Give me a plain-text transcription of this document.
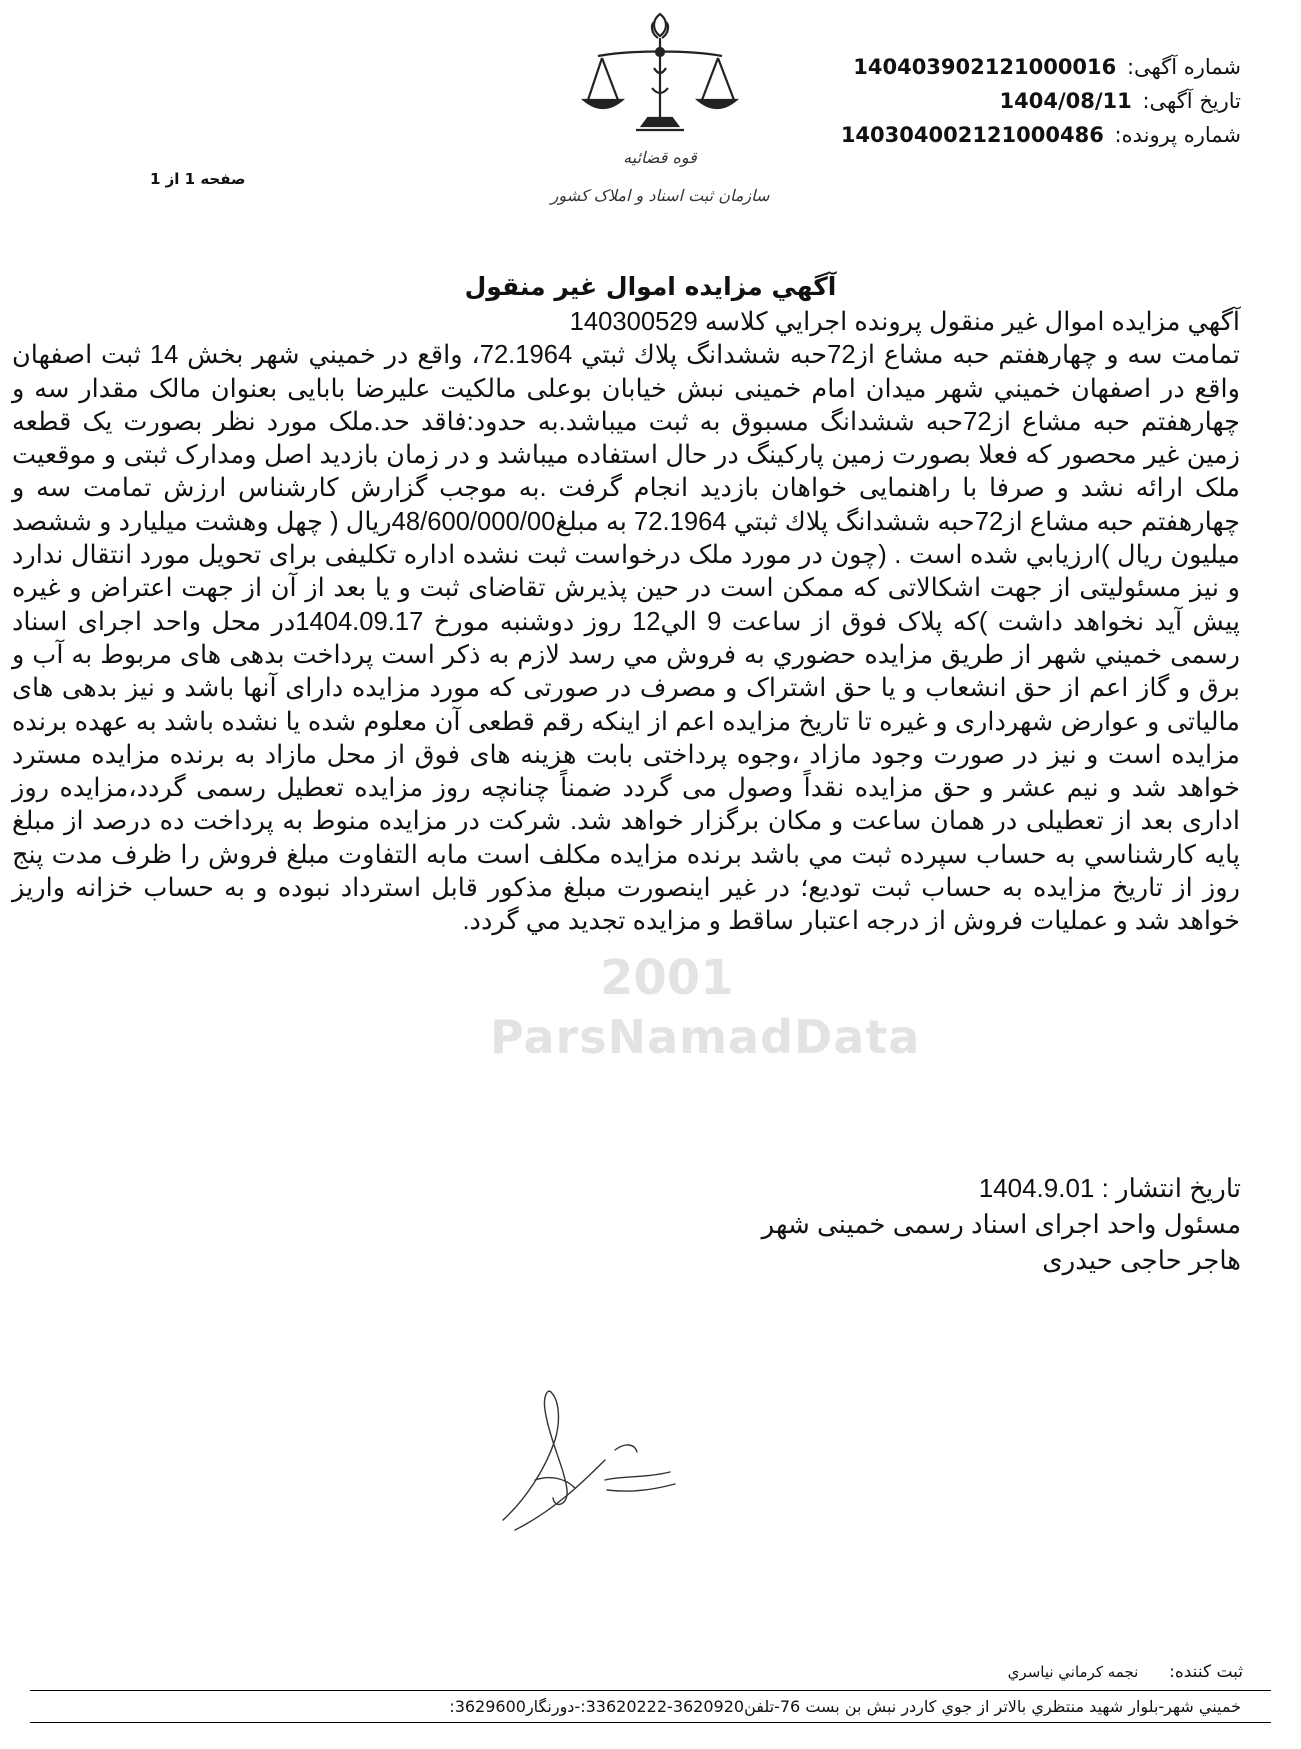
قوه قضائیه
سازمان ثبت اسناد و املاک کشور
شماره آگهی: 140403902121000016
تاریخ آگهی: 1404/08/11
شماره پرونده: 14030400212100048‌6
صفحه 1 از 1
آگهي مزايده اموال غير منقول
2001
ParsNamadData

آگهي مزايده اموال غير منقول پرونده اجرايي كلاسه 140300529

تمامت سه و چهارهفتم حبه مشاع از72حبه ششدانگ پلاك ثبتي 72.1964، واقع در خميني شهر بخش 14 ثبت اصفهان واقع در اصفهان خميني شهر ميدان امام خمينی نبش خيابان بوعلی مالكيت عليرضا بابايی بعنوان مالک مقدار سه و چهارهفتم حبه مشاع از72حبه ششدانگ مسبوق به ثبت ميباشد.به حدود:فاقد حد.ملک مورد نظر بصورت يک قطعه زمين غير محصور كه فعلا بصورت زمين پاركينگ در حال استفاده ميباشد و در زمان بازديد اصل ومدارک ثبتی و موقعيت ملک ارائه نشد و صرفا با راهنمايی خواهان بازديد انجام گرفت .به موجب گزارش كارشناس ارزش تمامت سه و چهارهفتم حبه مشاع از72حبه ششدانگ پلاك ثبتي 72.1964 به مبلغ48/600/000/00ريال ( چهل وهشت ميليارد و ششصد ميليون ريال )ارزيابي شده است . (چون در مورد ملک درخواست ثبت نشده اداره تكليفی برای تحويل مورد انتقال ندارد و نيز مسئوليتی از جهت اشكالاتی كه ممكن است در حين پذيرش تقاضای ثبت و يا بعد از آن از جهت اعتراض و غيره پيش آيد نخواهد داشت )كه پلاک فوق از ساعت 9 الي12 روز دوشنبه مورخ 1404.09.17در محل واحد اجرای اسناد رسمی خميني شهر از طريق مزايده حضوري به فروش مي رسد لازم به ذكر است پرداخت بدهی های مربوط به آب و برق و گاز اعم از حق انشعاب و يا حق اشتراک و مصرف در صورتی كه مورد مزايده دارای آنها باشد و نيز بدهی های مالياتی و عوارض شهرداری و غيره تا تاريخ مزايده اعم از اينكه رقم قطعی آن معلوم شده يا نشده باشد به عهده برنده مزايده است و نيز در صورت وجود مازاد ،وجوه پرداختی بابت هزينه های فوق از محل مازاد به برنده مزايده مسترد خواهد شد و نيم عشر و حق مزايده نقداً وصول می گردد ضمناً چنانچه روز مزايده تعطيل رسمی گردد،مزايده روز اداری بعد از تعطيلی در همان ساعت و مكان برگزار خواهد شد. شركت در مزايده منوط به پرداخت ده درصد از مبلغ پايه كارشناسي به حساب سپرده ثبت مي باشد برنده مزايده مكلف است مابه التفاوت مبلغ فروش را ظرف مدت پنج روز از تاريخ مزايده به حساب ثبت توديع؛ در غير اينصورت مبلغ مذكور قابل استرداد نبوده و به حساب خزانه واريز خواهد شد و عمليات فروش از درجه اعتبار ساقط و مزايده تجديد مي گردد.

تاريخ انتشار : 1404.9.01
مسئول واحد اجرای اسناد رسمی خمینی شهر
هاجر حاجی حیدری
ثبت کننده: نجمه كرماني نياسري
خميني شهر-بلوار شهيد منتظري بالاتر از جوي كاردر نبش بن بست 76-تلفن3620920-33620222:-دورنگار3629600:
